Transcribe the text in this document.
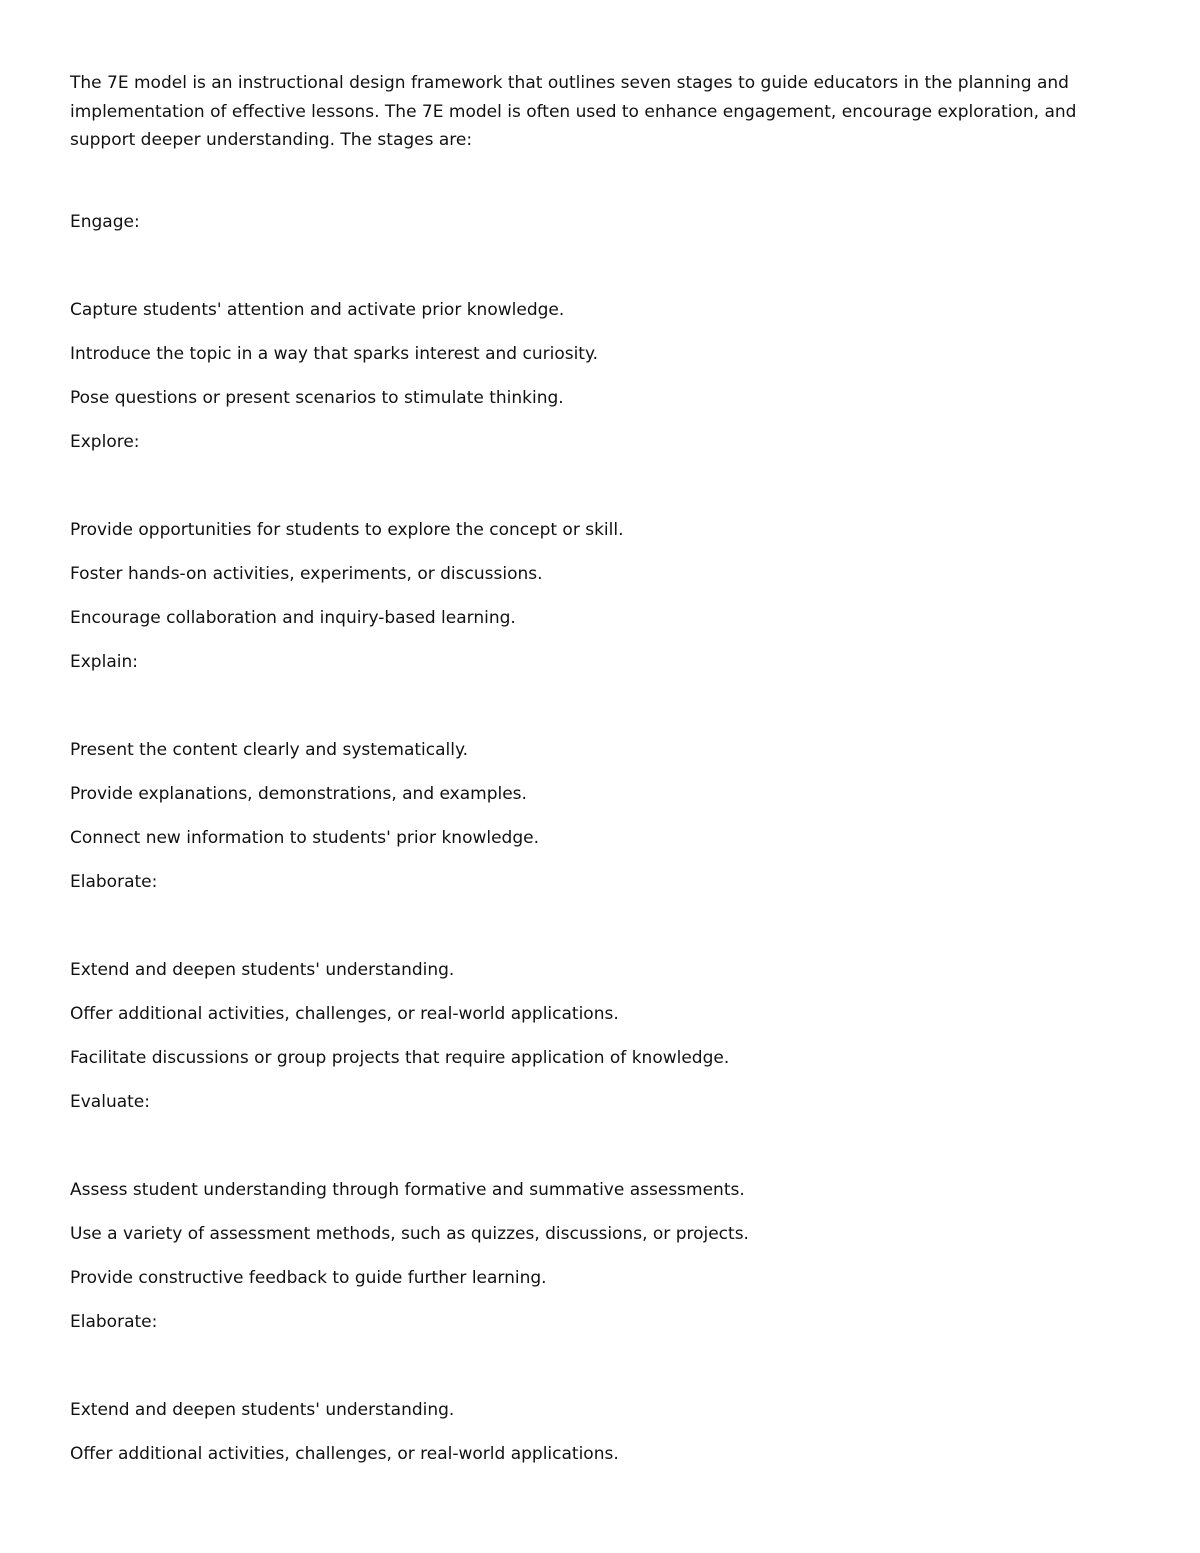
The 7E model is an instructional design framework that outlines seven stages to guide educators in the planning and implementation of effective lessons. The 7E model is often used to enhance engagement, encourage exploration, and support deeper understanding. The stages are:

Engage:

Capture students' attention and activate prior knowledge.

Introduce the topic in a way that sparks interest and curiosity.

Pose questions or present scenarios to stimulate thinking.

Explore:

Provide opportunities for students to explore the concept or skill.

Foster hands-on activities, experiments, or discussions.

Encourage collaboration and inquiry-based learning.

Explain:

Present the content clearly and systematically.

Provide explanations, demonstrations, and examples.

Connect new information to students' prior knowledge.

Elaborate:

Extend and deepen students' understanding.

Offer additional activities, challenges, or real-world applications.

Facilitate discussions or group projects that require application of knowledge.

Evaluate:

Assess student understanding through formative and summative assessments.

Use a variety of assessment methods, such as quizzes, discussions, or projects.

Provide constructive feedback to guide further learning.

Elaborate:

Extend and deepen students' understanding.

Offer additional activities, challenges, or real-world applications.
